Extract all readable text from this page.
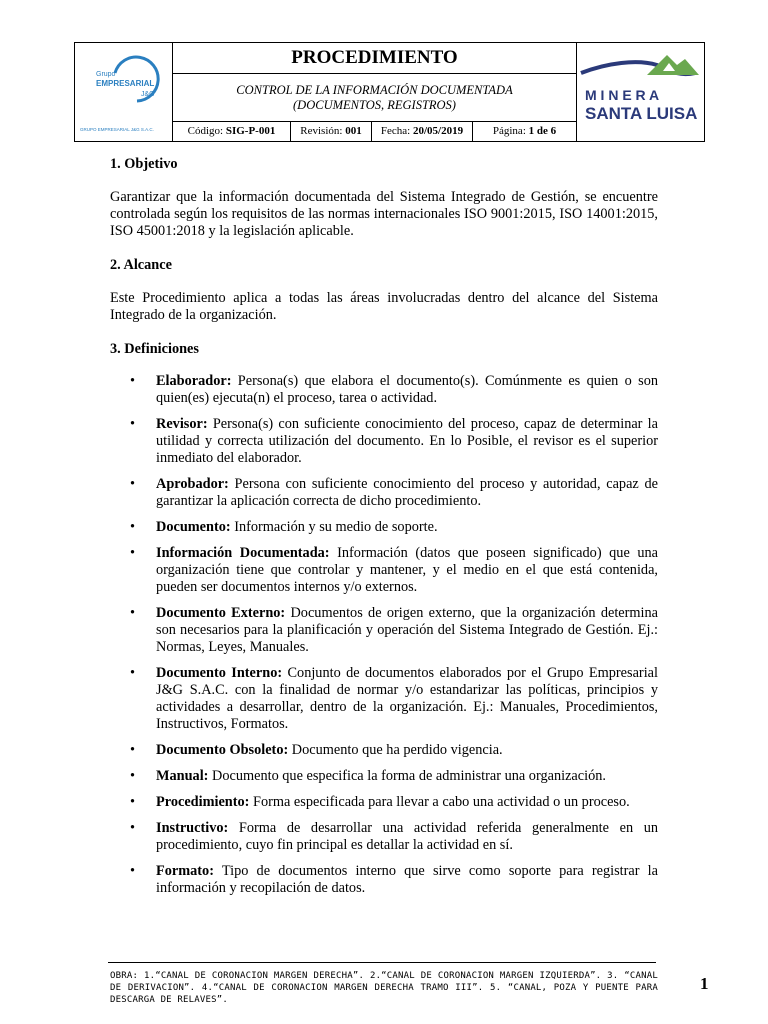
Grupo
EMPRESARIAL
J&G
GRUPO EMPRESARIAL J&G S.A.C.
PROCEDIMIENTO
CONTROL DE LA INFORMACIÓN DOCUMENTADA
(DOCUMENTOS, REGISTROS)
Código: SIG-P-001	Revisión: 001	Fecha: 20/05/2019	Página: 1 de 6
M I N E R A
SANTA LUISA
1. Objetivo

Garantizar que la información documentada del Sistema Integrado de Gestión, se encuentre controlada según los requisitos de las normas internacionales ISO 9001:2015, ISO 14001:2015, ISO 45001:2018 y la legislación aplicable.

2. Alcance

Este Procedimiento aplica a todas las áreas involucradas dentro del alcance del Sistema Integrado de la organización.

3. Definiciones
• Elaborador: Persona(s) que elabora el documento(s). Comúnmente es quien o son quien(es) ejecuta(n) el proceso, tarea o actividad.
• Revisor: Persona(s) con suficiente conocimiento del proceso, capaz de determinar la utilidad y correcta utilización del documento. En lo Posible, el revisor es el superior inmediato del elaborador.
• Aprobador: Persona con suficiente conocimiento del proceso y autoridad, capaz de garantizar la aplicación correcta de dicho procedimiento.
• Documento: Información y su medio de soporte.
• Información Documentada: Información (datos que poseen significado) que una organización tiene que controlar y mantener, y el medio en el que está contenida, pueden ser documentos internos y/o externos.
• Documento Externo: Documentos de origen externo, que la organización determina son necesarios para la planificación y operación del Sistema Integrado de Gestión. Ej.: Normas, Leyes, Manuales.
• Documento Interno: Conjunto de documentos elaborados por el Grupo Empresarial J&G S.A.C. con la finalidad de normar y/o estandarizar las políticas, principios y actividades a desarrollar, dentro de la organización. Ej.: Manuales, Procedimientos, Instructivos, Formatos.
• Documento Obsoleto: Documento que ha perdido vigencia.
• Manual: Documento que especifica la forma de administrar una organización.
• Procedimiento: Forma especificada para llevar a cabo una actividad o un proceso.
• Instructivo: Forma de desarrollar una actividad referida generalmente en un procedimiento, cuyo fin principal es detallar la actividad en sí.
• Formato: Tipo de documentos interno que sirve como soporte para registrar la información y recopilación de datos.
OBRA: 1.“CANAL DE CORONACION MARGEN DERECHA”. 2.“CANAL DE CORONACION MARGEN IZQUIERDA”. 3. “CANAL DE DERIVACION”. 4.“CANAL DE CORONACION MARGEN DERECHA TRAMO III”. 5. “CANAL, POZA Y PUENTE PARA DESCARGA DE RELAVES”.
1
